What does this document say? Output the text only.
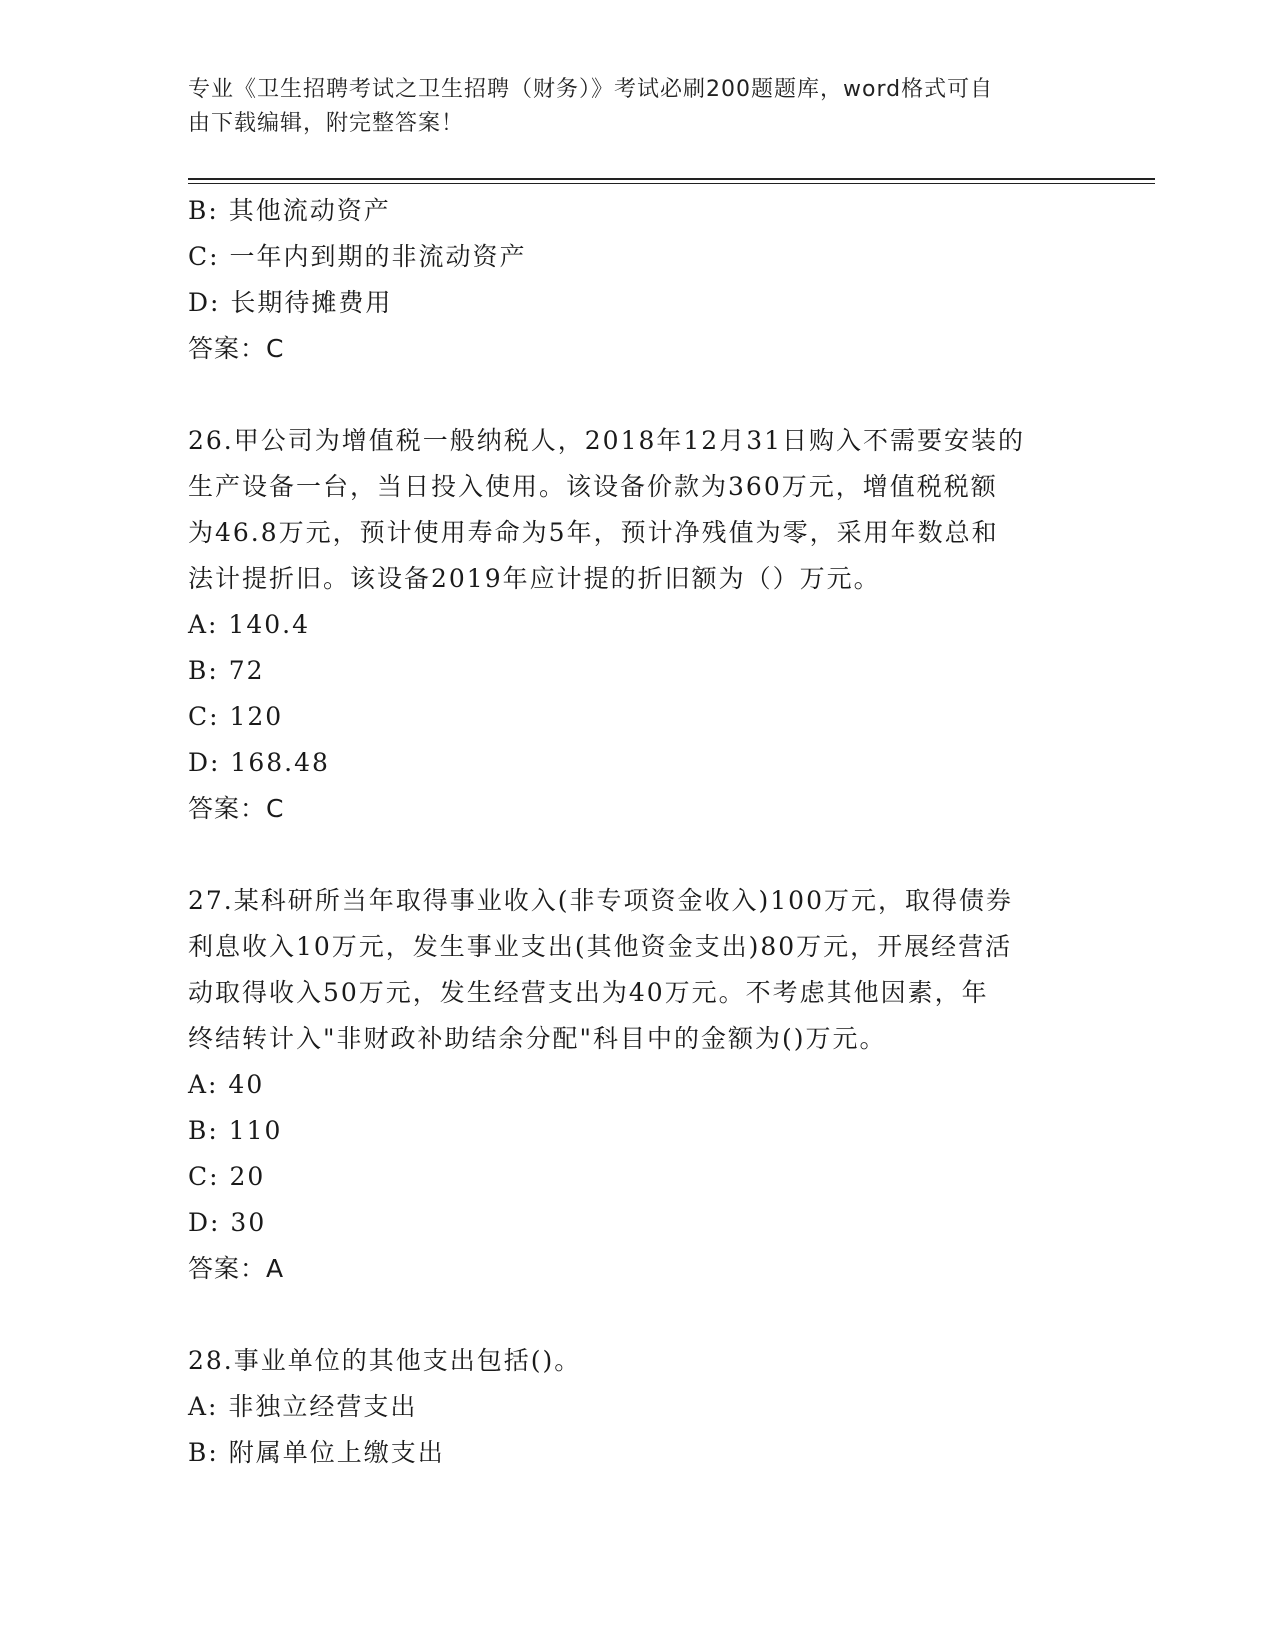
专业《卫生招聘考试之卫生招聘（财务）》考试必刷200题题库，word格式可自
由下载编辑，附完整答案！
B: 其他流动资产
C: 一年内到期的非流动资产
D: 长期待摊费用
答案：C
26.甲公司为增值税一般纳税人，2018年12月31日购入不需要安装的
生产设备一台，当日投入使用。该设备价款为360万元，增值税税额
为46.8万元，预计使用寿命为5年，预计净残值为零，采用年数总和
法计提折旧。该设备2019年应计提的折旧额为（）万元。
A: 140.4
B: 72
C: 120
D: 168.48
答案：C
27.某科研所当年取得事业收入(非专项资金收入)100万元，取得债券
利息收入10万元，发生事业支出(其他资金支出)80万元，开展经营活
动取得收入50万元，发生经营支出为40万元。不考虑其他因素，年
终结转计入"非财政补助结余分配"科目中的金额为()万元。
A: 40
B: 110
C: 20
D: 30
答案：A
28.事业单位的其他支出包括()。
A: 非独立经营支出
B: 附属单位上缴支出
